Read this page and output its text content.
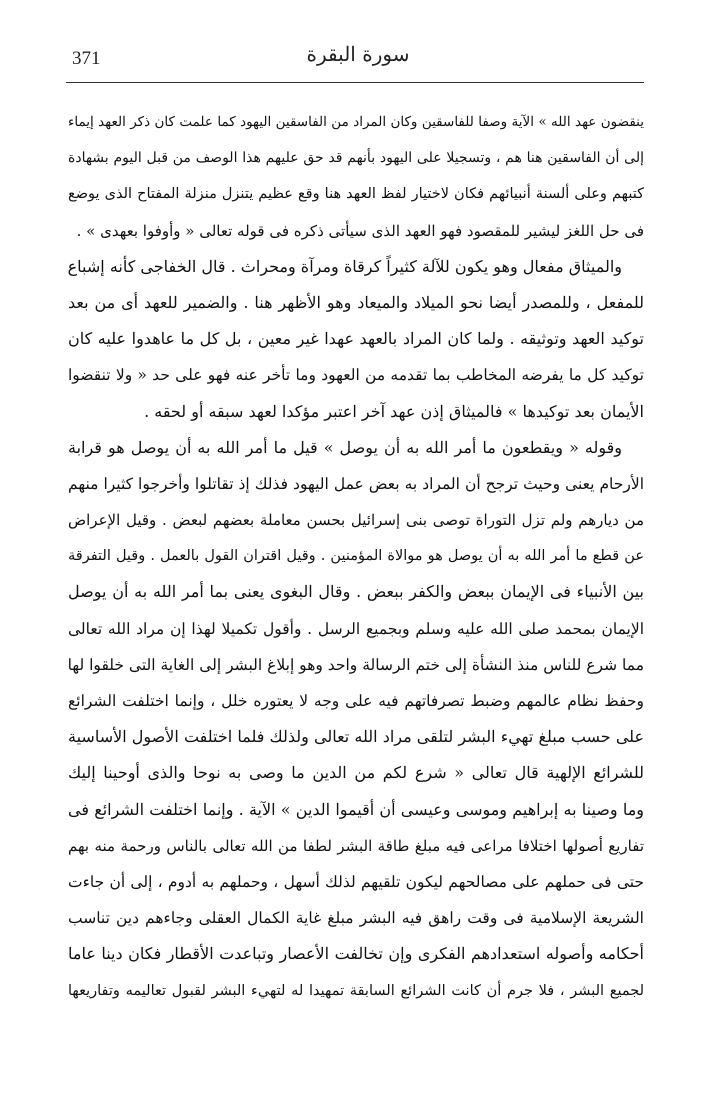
371	سورة البقرة
ينقضون عهد الله » الآية وصفا للفاسقين وكان المراد من الفاسقين اليهود كما علمت كان ذكر العهد إيماء
إلى أن الفاسقين هنا هم ، وتسجيلا على اليهود بأنهم قد حق عليهم هذا الوصف من قبل اليوم بشهادة
كتبهم وعلى ألسنة أنبيائهم فكان لاختيار لفظ العهد هنا وقع عظيم يتنزل منزلة المفتاح الذى يوضع
فى حل اللغز ليشير للمقصود فهو العهد الذى سيأتى ذكره فى قوله تعالى « وأوفوا بعهدى » .
والميثاق مفعال وهو يكون للآلة كثيراً كرقاة ومرآة ومحراث . قال الخفاجى كأنه إشباع
للمفعل ، وللمصدر أيضا نحو الميلاد والميعاد وهو الأظهر هنا . والضمير للعهد أى من بعد
توكيد العهد وتوثيقه . ولما كان المراد بالعهد عهدا غير معين ، بل كل ما عاهدوا عليه كان
توكيد كل ما يفرضه المخاطب بما تقدمه من العهود وما تأخر عنه فهو على حد « ولا تنقضوا
الأيمان بعد توكيدها » فالميثاق إذن عهد آخر اعتبر مؤكدا لعهد سبقه أو لحقه .
وقوله « ويقطعون ما أمر الله به أن يوصل » قيل ما أمر الله به أن يوصل هو قرابة
الأرحام يعنى وحيث ترجح أن المراد به بعض عمل اليهود فذلك إذ تقاتلوا وأخرجوا كثيرا منهم
من ديارهم ولم تزل التوراة توصى بنى إسرائيل بحسن معاملة بعضهم لبعض . وقيل الإعراض
عن قطع ما أمر الله به أن يوصل هو موالاة المؤمنين . وقيل اقتران القول بالعمل . وقيل التفرقة
بين الأنبياء فى الإيمان ببعض والكفر ببعض . وقال البغوى يعنى بما أمر الله به أن يوصل
الإيمان بمحمد صلى الله عليه وسلم وبجميع الرسل . وأقول تكميلا لهذا إن مراد الله تعالى
مما شرع للناس منذ النشأة إلى ختم الرسالة واحد وهو إبلاغ البشر إلى الغاية التى خلقوا لها
وحفظ نظام عالمهم وضبط تصرفاتهم فيه على وجه لا يعتوره خلل ، وإنما اختلفت الشرائع
على حسب مبلغ تهيء البشر لتلقى مراد الله تعالى ولذلك فلما اختلفت الأصول الأساسية
للشرائع الإلهية قال تعالى « شرع لكم من الدين ما وصى به نوحا والذى أوحينا إليك
وما وصينا به إبراهيم وموسى وعيسى أن أقيموا الدين » الآية . وإنما اختلفت الشرائع فى
تفاريع أصولها اختلافا مراعى فيه مبلغ طاقة البشر لطفا من الله تعالى بالناس ورحمة منه بهم
حتى فى حملهم على مصالحهم ليكون تلقيهم لذلك أسهل ، وحملهم به أدوم ، إلى أن جاءت
الشريعة الإسلامية فى وقت راهق فيه البشر مبلغ غاية الكمال العقلى وجاءهم دين تناسب
أحكامه وأصوله استعدادهم الفكرى وإن تخالفت الأعصار وتباعدت الأقطار فكان دينا عاما
لجميع البشر ، فلا جرم أن كانت الشرائع السابقة تمهيدا له لتهيء البشر لقبول تعاليمه وتفاريعها
